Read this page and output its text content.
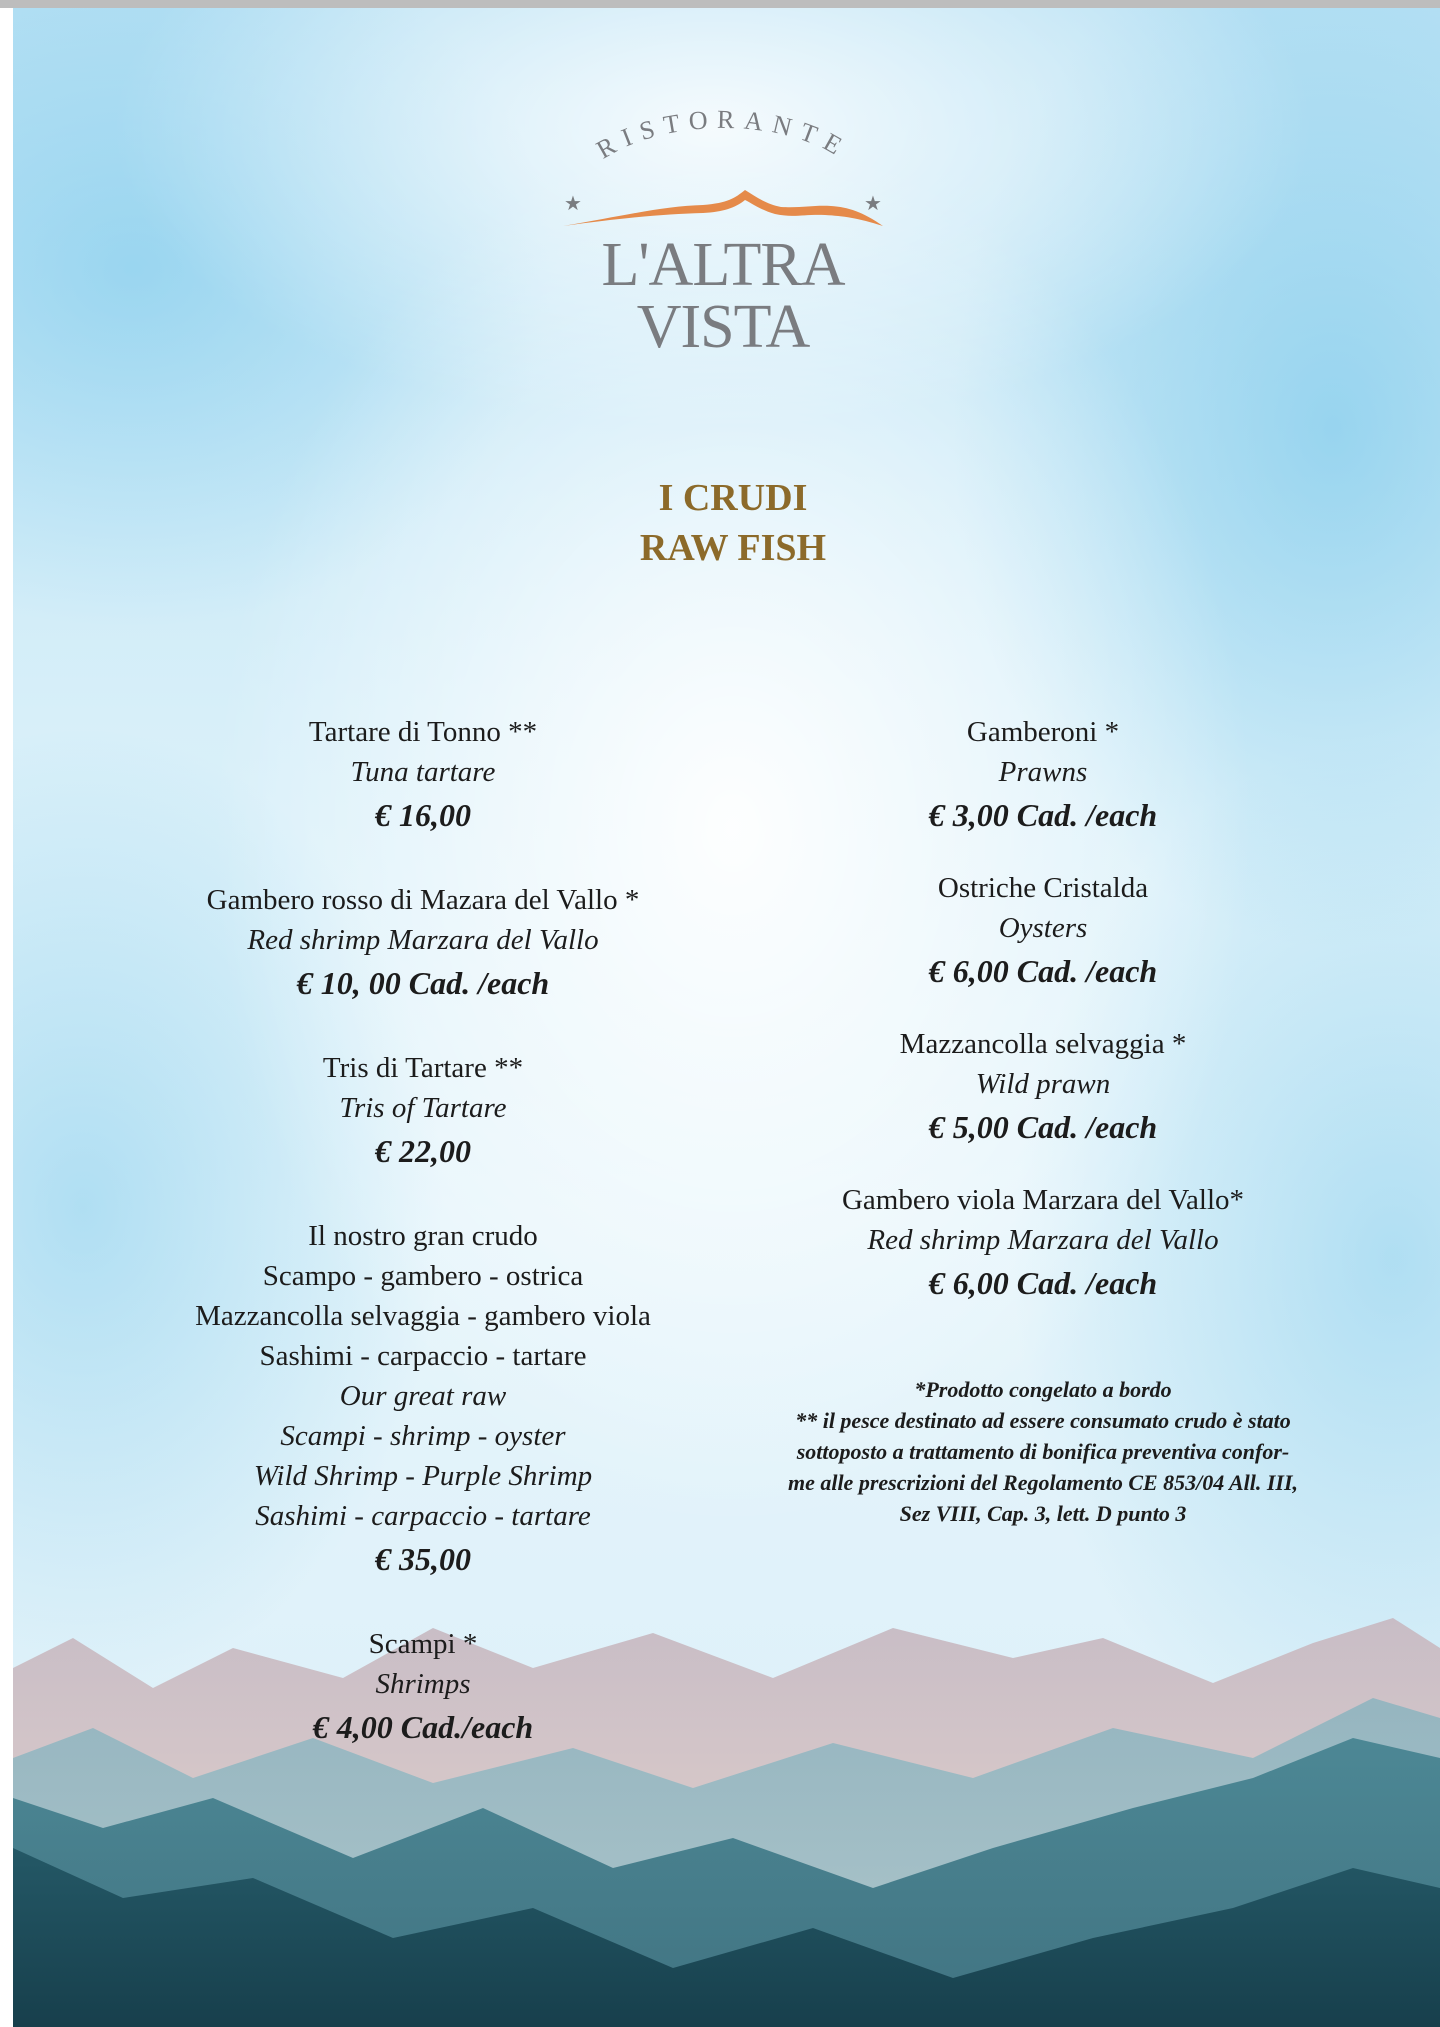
RISTORANTE
★	★
L'ALTRA VISTA
I CRUDI
RAW FISH
Tartare di Tonno **
Tuna tartare
€ 16,00
Gambero rosso di Mazara del Vallo *
Red shrimp Marzara del Vallo
€ 10, 00 Cad. /each
Tris di Tartare **
Tris of Tartare
€ 22,00
Il nostro gran crudo
Scampo - gambero - ostrica
Mazzancolla selvaggia - gambero viola
Sashimi - carpaccio - tartare
Our great raw
Scampi - shrimp - oyster
Wild Shrimp - Purple Shrimp
Sashimi - carpaccio - tartare
€ 35,00
Scampi *
Shrimps
€ 4,00 Cad./each
Gamberoni *
Prawns
€ 3,00 Cad. /each
Ostriche Cristalda
Oysters
€ 6,00 Cad. /each
Mazzancolla selvaggia *
Wild prawn
€ 5,00 Cad. /each
Gambero viola Marzara del Vallo*
Red shrimp Marzara del Vallo
€ 6,00 Cad. /each
*Prodotto congelato a bordo
** il pesce destinato ad essere consumato crudo è stato
sottoposto a trattamento di bonifica preventiva confor-
me alle prescrizioni del Regolamento CE 853/04 All. III,
Sez VIII, Cap. 3, lett. D punto 3
